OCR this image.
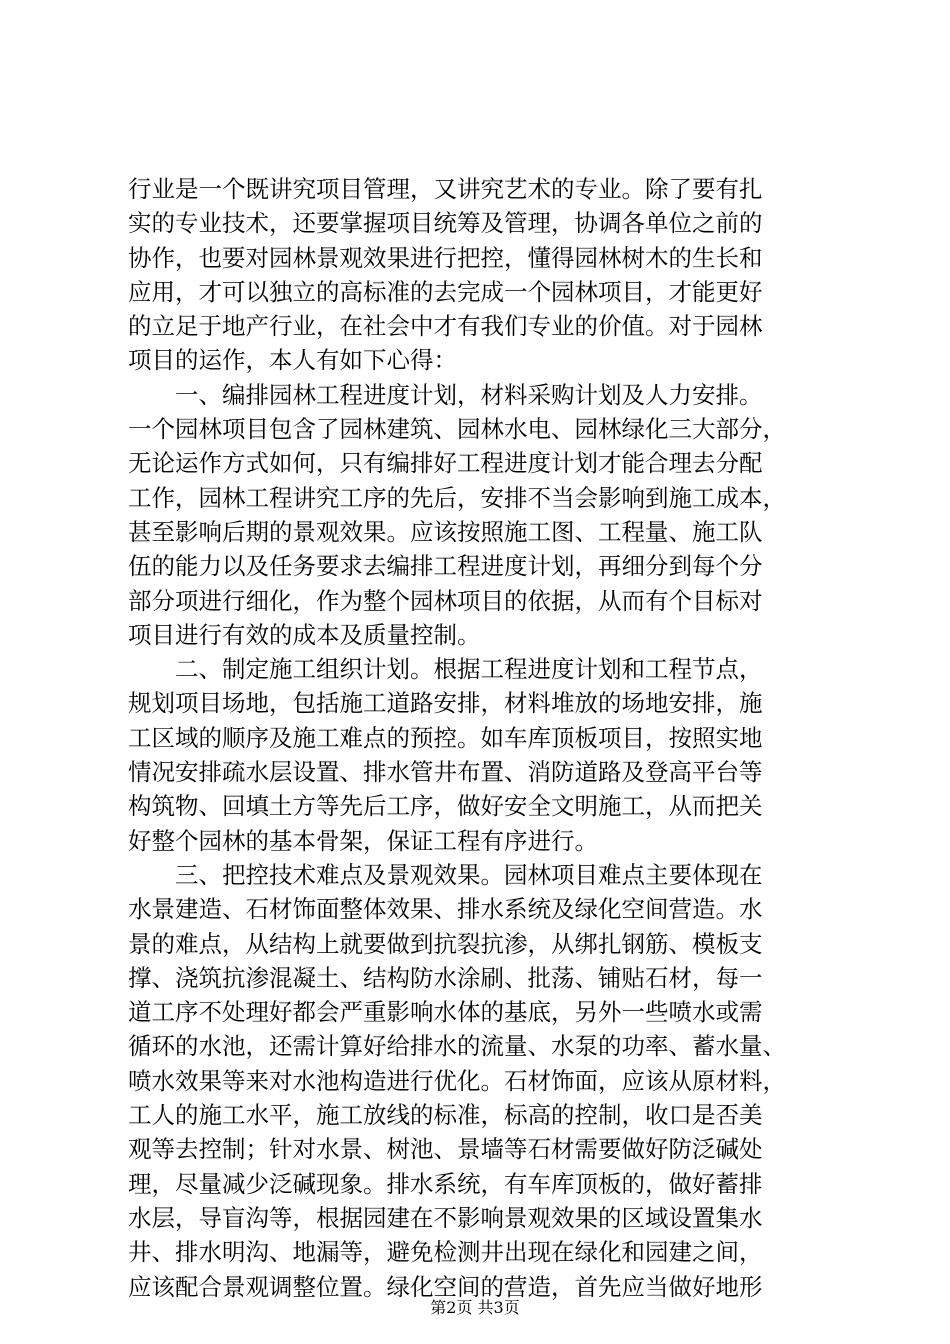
行业是一个既讲究项目管理，又讲究艺术的专业。除了要有扎
实的专业技术，还要掌握项目统筹及管理，协调各单位之前的
协作，也要对园林景观效果进行把控，懂得园林树木的生长和
应用，才可以独立的高标准的去完成一个园林项目，才能更好
的立足于地产行业，在社会中才有我们专业的价值。对于园林
项目的运作，本人有如下心得：
　　一、编排园林工程进度计划，材料采购计划及人力安排。
一个园林项目包含了园林建筑、园林水电、园林绿化三大部分，
无论运作方式如何，只有编排好工程进度计划才能合理去分配
工作，园林工程讲究工序的先后，安排不当会影响到施工成本，
甚至影响后期的景观效果。应该按照施工图、工程量、施工队
伍的能力以及任务要求去编排工程进度计划，再细分到每个分
部分项进行细化，作为整个园林项目的依据，从而有个目标对
项目进行有效的成本及质量控制。
　　二、制定施工组织计划。根据工程进度计划和工程节点，
规划项目场地，包括施工道路安排，材料堆放的场地安排，施
工区域的顺序及施工难点的预控。如车库顶板项目，按照实地
情况安排疏水层设置、排水管井布置、消防道路及登高平台等
构筑物、回填土方等先后工序，做好安全文明施工，从而把关
好整个园林的基本骨架，保证工程有序进行。
　　三、把控技术难点及景观效果。园林项目难点主要体现在
水景建造、石材饰面整体效果、排水系统及绿化空间营造。水
景的难点，从结构上就要做到抗裂抗渗，从绑扎钢筋、模板支
撑、浇筑抗渗混凝土、结构防水涂刷、批荡、铺贴石材，每一
道工序不处理好都会严重影响水体的基底，另外一些喷水或需
循环的水池，还需计算好给排水的流量、水泵的功率、蓄水量、
喷水效果等来对水池构造进行优化。石材饰面，应该从原材料，
工人的施工水平，施工放线的标准，标高的控制，收口是否美
观等去控制；针对水景、树池、景墙等石材需要做好防泛碱处
理，尽量减少泛碱现象。排水系统，有车库顶板的，做好蓄排
水层，导盲沟等，根据园建在不影响景观效果的区域设置集水
井、排水明沟、地漏等，避免检测井出现在绿化和园建之间，
应该配合景观调整位置。绿化空间的营造，首先应当做好地形
第2页 共3页
